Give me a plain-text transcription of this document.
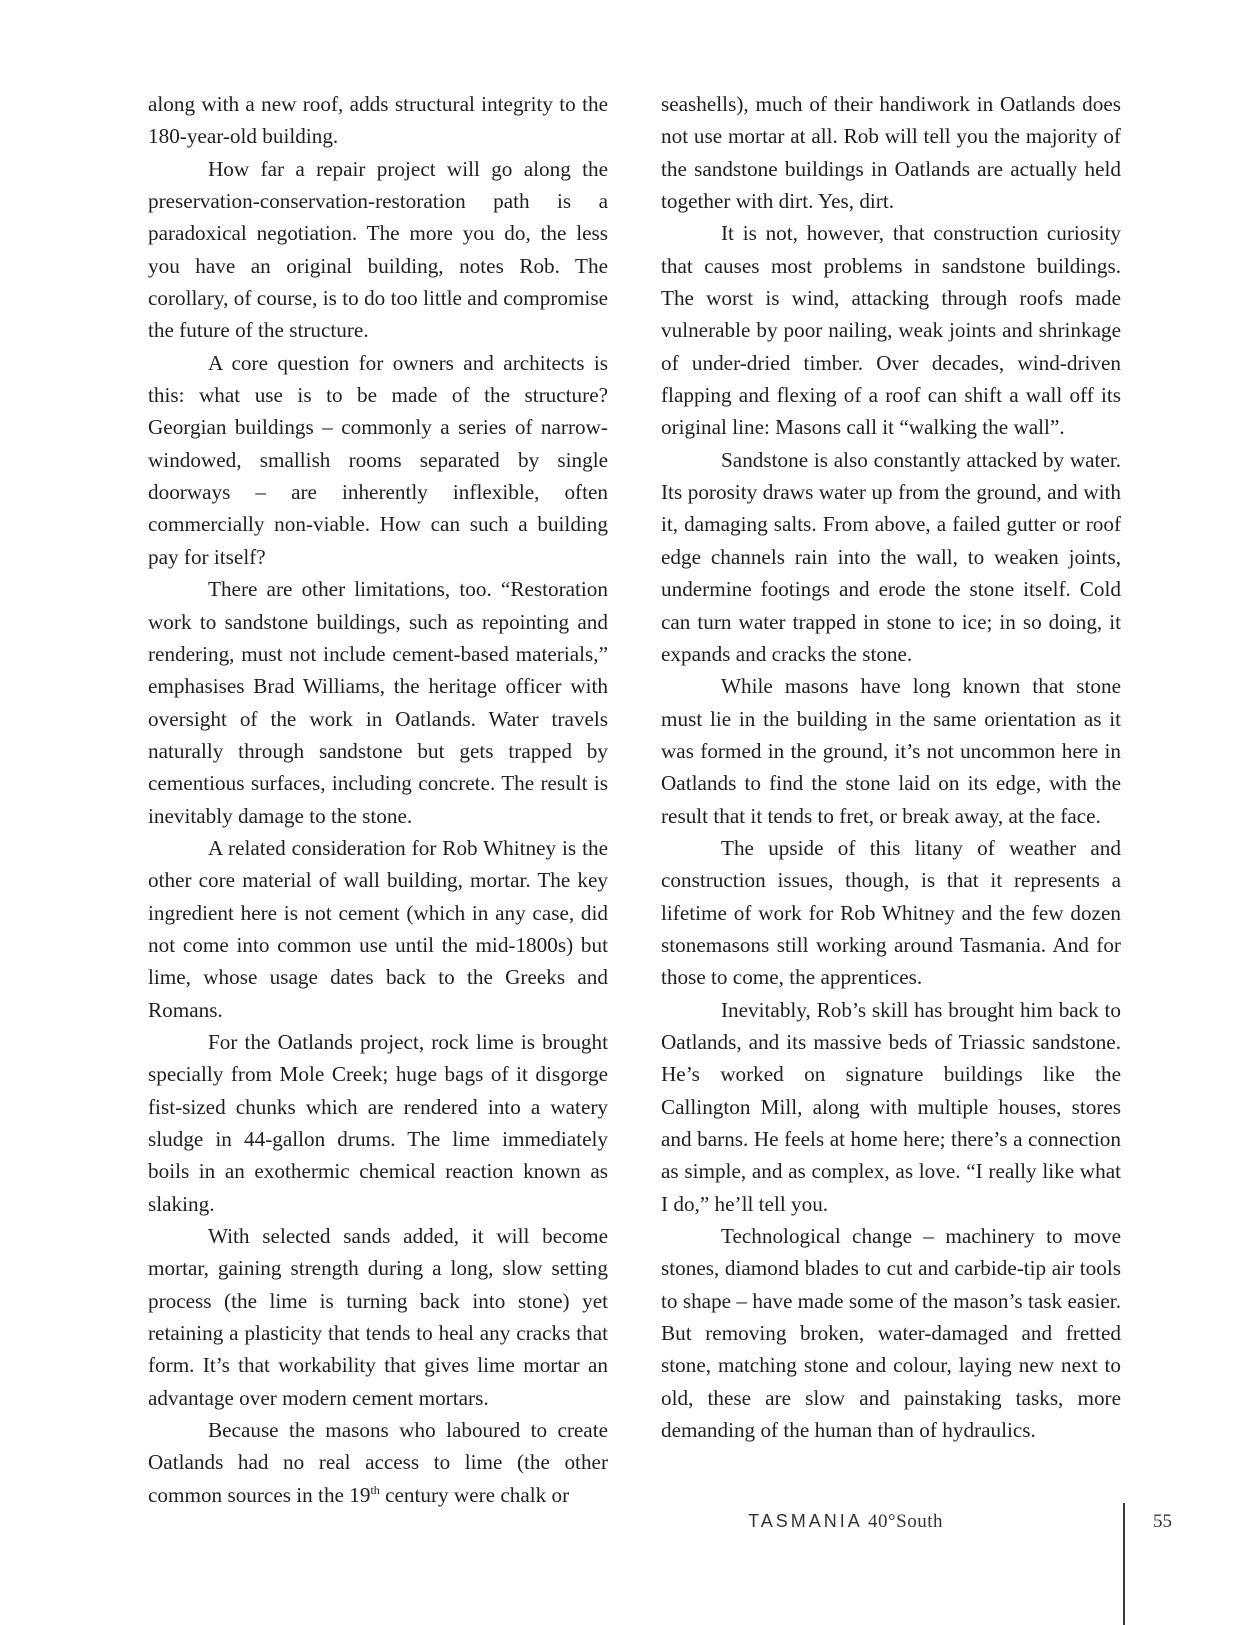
along with a new roof, adds structural integrity to the 180-year-old building.

How far a repair project will go along the preservation-conservation-restoration path is a paradoxical negotiation. The more you do, the less you have an original building, notes Rob. The corollary, of course, is to do too little and compromise the future of the structure.

A core question for owners and architects is this: what use is to be made of the structure? Georgian buildings – commonly a series of narrow-windowed, smallish rooms separated by single doorways – are inherently inflexible, often commercially non-viable. How can such a building pay for itself?

There are other limitations, too. “Restoration work to sandstone buildings, such as repointing and rendering, must not include cement-based materials,” emphasises Brad Williams, the heritage officer with oversight of the work in Oatlands. Water travels naturally through sandstone but gets trapped by cementious surfaces, including concrete. The result is inevitably damage to the stone.

A related consideration for Rob Whitney is the other core material of wall building, mortar. The key ingredient here is not cement (which in any case, did not come into common use until the mid-1800s) but lime, whose usage dates back to the Greeks and Romans.

For the Oatlands project, rock lime is brought specially from Mole Creek; huge bags of it disgorge fist-sized chunks which are rendered into a watery sludge in 44-gallon drums. The lime immediately boils in an exothermic chemical reaction known as slaking.

With selected sands added, it will become mortar, gaining strength during a long, slow setting process (the lime is turning back into stone) yet retaining a plasticity that tends to heal any cracks that form. It’s that workability that gives lime mortar an advantage over modern cement mortars.

Because the masons who laboured to create Oatlands had no real access to lime (the other common sources in the 19th century were chalk or

seashells), much of their handiwork in Oatlands does not use mortar at all. Rob will tell you the majority of the sandstone buildings in Oatlands are actually held together with dirt. Yes, dirt.

It is not, however, that construction curiosity that causes most problems in sandstone buildings. The worst is wind, attacking through roofs made vulnerable by poor nailing, weak joints and shrinkage of under-dried timber. Over decades, wind-driven flapping and flexing of a roof can shift a wall off its original line: Masons call it “walking the wall”.

Sandstone is also constantly attacked by water. Its porosity draws water up from the ground, and with it, damaging salts. From above, a failed gutter or roof edge channels rain into the wall, to weaken joints, undermine footings and erode the stone itself. Cold can turn water trapped in stone to ice; in so doing, it expands and cracks the stone.

While masons have long known that stone must lie in the building in the same orientation as it was formed in the ground, it’s not uncommon here in Oatlands to find the stone laid on its edge, with the result that it tends to fret, or break away, at the face.

The upside of this litany of weather and construction issues, though, is that it represents a lifetime of work for Rob Whitney and the few dozen stonemasons still working around Tasmania. And for those to come, the apprentices.

Inevitably, Rob’s skill has brought him back to Oatlands, and its massive beds of Triassic sandstone. He’s worked on signature buildings like the Callington Mill, along with multiple houses, stores and barns. He feels at home here; there’s a connection as simple, and as complex, as love. “I really like what I do,” he’ll tell you.

Technological change – machinery to move stones, diamond blades to cut and carbide-tip air tools to shape – have made some of the mason’s task easier. But removing broken, water-damaged and fretted stone, matching stone and colour, laying new next to old, these are slow and painstaking tasks, more demanding of the human than of hydraulics.

TASMANIA 40°South	55
